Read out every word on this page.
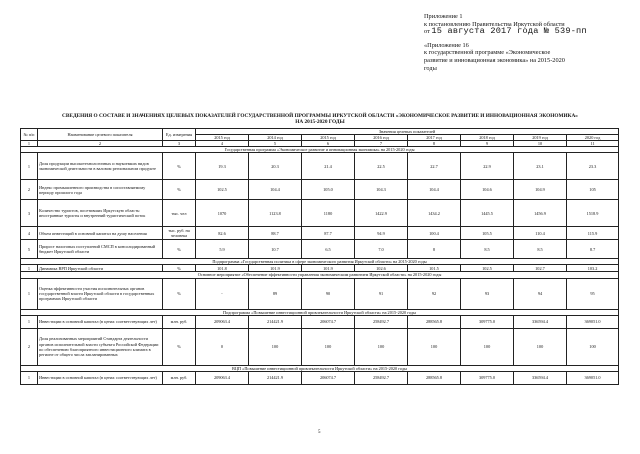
Приложение 1
к постановлению Правительства Иркутской области
от 15 августа 2017 года № 539-пп
«Приложение 16
к государственной программе «Экономическое
развитие и инновационная экономика» на 2015-2020
годы
СВЕДЕНИЯ О СОСТАВЕ И ЗНАЧЕНИЯХ ЦЕЛЕВЫХ ПОКАЗАТЕЛЕЙ ГОСУДАРСТВЕННОЙ ПРОГРАММЫ ИРКУТСКОЙ ОБЛАСТИ «ЭКОНОМИЧЕСКОЕ РАЗВИТИЕ И ИННОВАЦИОННАЯ ЭКОНОМИКА»
НА 2015-2020 ГОДЫ
№ п/п	Наименование целевого показателя	Ед. измерения	Значения целевых показателей							
			2015 год	2014 год	2015 год	2016 год	2017 год	2018 год	2019 год	2020 год
1	2	3	4	5	6	7	8	9	10	11
Государственная программа «Экономическое развитие и инновационная экономика» на 2015-2020 годы										
1	Доля продукции высокотехнологичных и наукоемких видов экономической деятельности в валовом региональном продукте	%	19.3	20.3	21.4	22.5	22.7	22.9	23.1	23.3
2	Индекс промышленного производства в сопоставляемому периоду прошлого года	%	102.5	104.4	105.0	104.3	104.4	104.6	104.9	105
3	Количество туристов, посетивших Иркутскую область: иностранные туристы и внутренний туристический поток	тыс. чел	1070	1123.8	1180	1422.9	1434.2	1445.5	1456.9	1518.9
4	Объем инвестиций в основной капитал на душу населения	тыс. руб. на человека	82.6	88.7	87.7	94.9	100.4	105.5	110.4	115.9
5	Прирост налоговых поступлений СМСП в консолидированный бюджет Иркутской области	%	5.9	10.7	6.5	7.0	8	8.5	8.5	8.7
Подпрограмма «Государственная политика в сфере экономического развития Иркутской области» на 2015-2020 годы										
1	Динамика ВРП Иркутской области	%	101.8	101.9	101.9	102.6	101.5	102.5	102.7	103.2
Основное мероприятие «Обеспечение эффективности управления экономическим развитием Иркутской области» на 2015-2020 годы										
1	Оценка эффективности участия исполнительных органов государственной власти Иркутской области в государственных программах Иркутской области	%	-	89	90	91	92	93	94	95
Подпрограмма «Повышение инвестиционной привлекательности Иркутской области» на 2015-2020 годы										
1	Инвестиции в основной капитал (в ценах соответствующих лет)	млн. руб.	209063.4	214421.9	206074.7	258492.7	288565.8	309775.0	336594.4	369051.0
2	Доля реализованных мероприятий Стандарта деятельности органов исполнительной власти субъекта Российской Федерации по обеспечению благоприятного инвестиционного климата в регионе от общего числа запланированных	%	0	100	100	100	100	100	100	100
ВЦП «Повышение инвестиционной привлекательности Иркутской области» на 2015-2020 годы										
1	Инвестиции в основной капитал (в ценах соответствующих лет)	млн. руб.	209063.4	214421.9	206074.7	258492.7	288565.8	309775.0	336594.4	369051.0
5
